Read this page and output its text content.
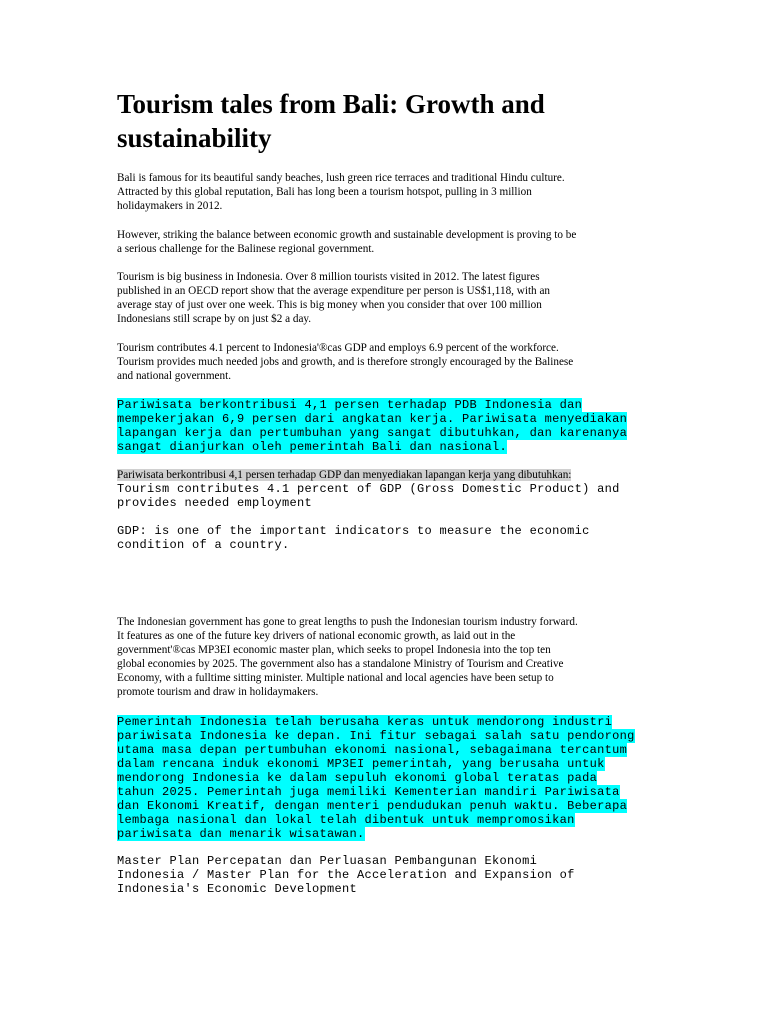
Tourism tales from Bali: Growth and
sustainability

Bali is famous for its beautiful sandy beaches, lush green rice terraces and traditional Hindu culture.
Attracted by this global reputation, Bali has long been a tourism hotspot, pulling in 3 million
holidaymakers in 2012.

However, striking the balance between economic growth and sustainable development is proving to be
a serious challenge for the Balinese regional government.

Tourism is big business in Indonesia. Over 8 million tourists visited in 2012. The latest figures
published in an OECD report show that the average expenditure per person is US$1,118, with an
average stay of just over one week. This is big money when you consider that over 100 million
Indonesians still scrape by on just $2 a day.

Tourism contributes 4.1 percent to Indonesia'®cas GDP and employs 6.9 percent of the workforce.
Tourism provides much needed jobs and growth, and is therefore strongly encouraged by the Balinese
and national government.

Pariwisata berkontribusi 4,1 persen terhadap PDB Indonesia dan
mempekerjakan 6,9 persen dari angkatan kerja. Pariwisata menyediakan
lapangan kerja dan pertumbuhan yang sangat dibutuhkan, dan karenanya
sangat dianjurkan oleh pemerintah Bali dan nasional.

Pariwisata berkontribusi 4,1 persen terhadap GDP dan menyediakan lapangan kerja yang dibutuhkan:

Tourism contributes 4.1 percent of GDP (Gross Domestic Product) and
provides needed employment

GDP: is one of the important indicators to measure the economic
condition of a country.

The Indonesian government has gone to great lengths to push the Indonesian tourism industry forward.
It features as one of the future key drivers of national economic growth, as laid out in the
government'®cas MP3EI economic master plan, which seeks to propel Indonesia into the top ten
global economies by 2025. The government also has a standalone Ministry of Tourism and Creative
Economy, with a fulltime sitting minister. Multiple national and local agencies have been setup to
promote tourism and draw in holidaymakers.

Pemerintah Indonesia telah berusaha keras untuk mendorong industri
pariwisata Indonesia ke depan. Ini fitur sebagai salah satu pendorong
utama masa depan pertumbuhan ekonomi nasional, sebagaimana tercantum
dalam rencana induk ekonomi MP3EI pemerintah, yang berusaha untuk
mendorong Indonesia ke dalam sepuluh ekonomi global teratas pada
tahun 2025. Pemerintah juga memiliki Kementerian mandiri Pariwisata
dan Ekonomi Kreatif, dengan menteri pendudukan penuh waktu. Beberapa
lembaga nasional dan lokal telah dibentuk untuk mempromosikan
pariwisata dan menarik wisatawan.

Master Plan Percepatan dan Perluasan Pembangunan Ekonomi
Indonesia / Master Plan for the Acceleration and Expansion of
Indonesia's Economic Development
